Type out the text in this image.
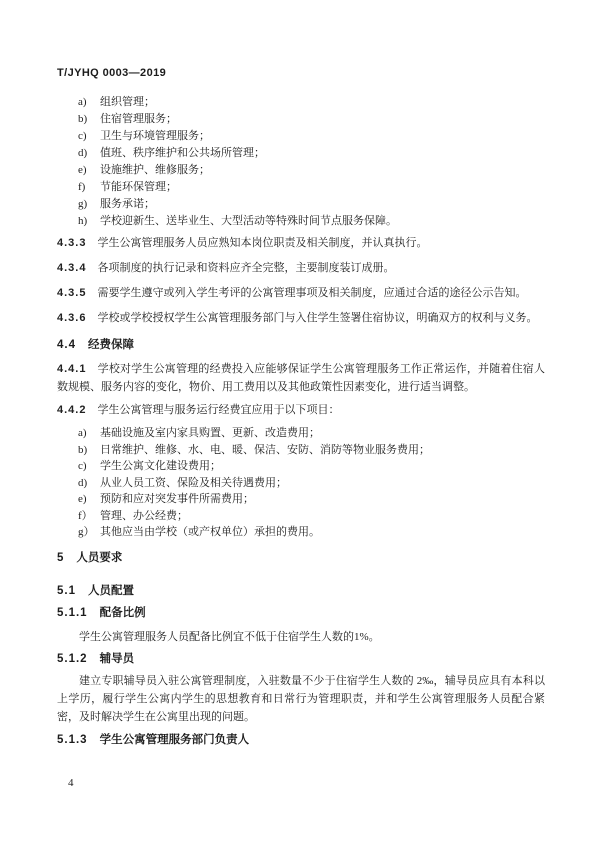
T/JYHQ 0003—2019
a)	组织管理；
b)	住宿管理服务；
c)	卫生与环境管理服务；
d)	值班、秩序维护和公共场所管理；
e)	设施维护、维修服务；
f)	节能环保管理；
g)	服务承诺；
h)	学校迎新生、送毕业生、大型活动等特殊时间节点服务保障。

4.3.3 学生公寓管理服务人员应熟知本岗位职责及相关制度，并认真执行。

4.3.4 各项制度的执行记录和资料应齐全完整，主要制度装订成册。

4.3.5 需要学生遵守或列入学生考评的公寓管理事项及相关制度，应通过合适的途径公示告知。

4.3.6 学校或学校授权学生公寓管理服务部门与入住学生签署住宿协议，明确双方的权利与义务。

4.4 经费保障

4.4.1 学校对学生公寓管理的经费投入应能够保证学生公寓管理服务工作正常运作，并随着住宿人数规模、服务内容的变化，物价、用工费用以及其他政策性因素变化，进行适当调整。

4.4.2 学生公寓管理与服务运行经费宜应用于以下项目：

a)	基础设施及室内家具购置、更新、改造费用；
b)	日常维护、维修、水、电、暖、保洁、安防、消防等物业服务费用；
c)	学生公寓文化建设费用；
d)	从业人员工资、保险及相关待遇费用；
e)	预防和应对突发事件所需费用；
f） 管理、办公经费；
g） 其他应当由学校（或产权单位）承担的费用。
5 人员要求
5.1 人员配置
5.1.1 配备比例

学生公寓管理服务人员配备比例宜不低于住宿学生人数的1%。

5.1.2 辅导员

建立专职辅导员入驻公寓管理制度，入驻数量不少于住宿学生人数的 2‰，辅导员应具有本科以上学历，履行学生公寓内学生的思想教育和日常行为管理职责，并和学生公寓管理服务人员配合紧密，及时解决学生在公寓里出现的问题。

5.1.3 学生公寓管理服务部门负责人
4
